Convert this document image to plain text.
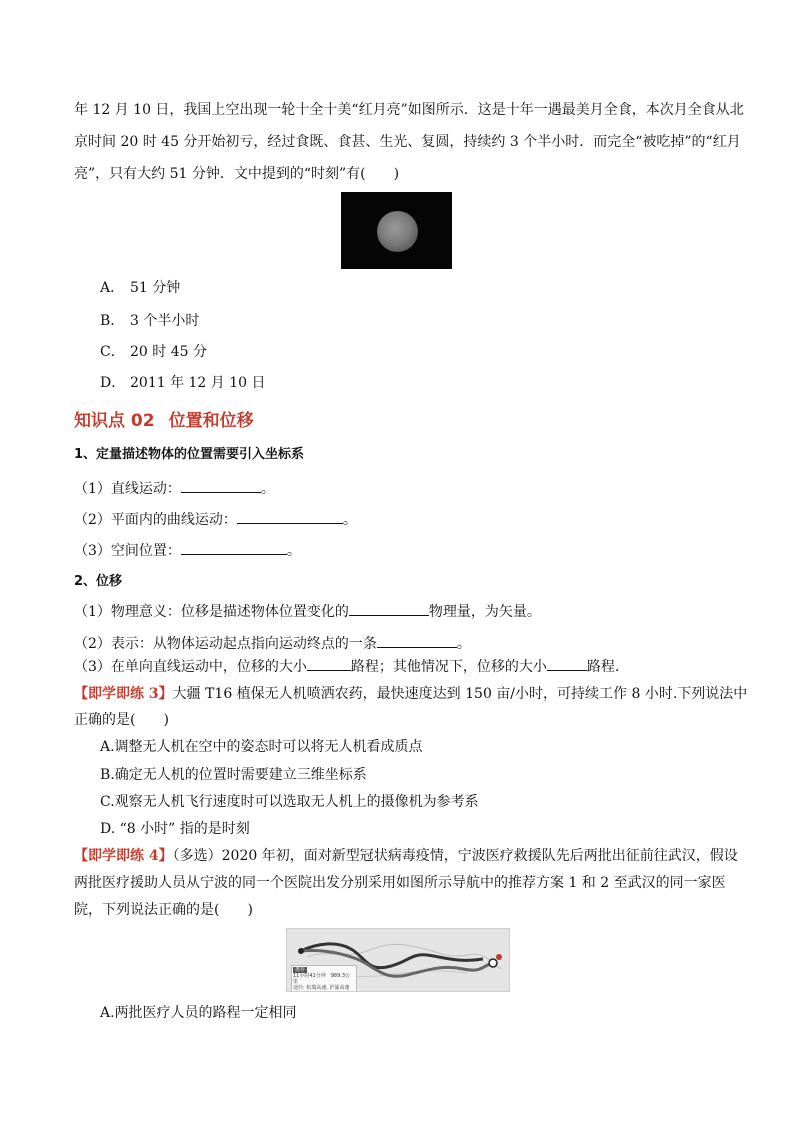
年 12 月 10 日，我国上空出现一轮十全十美“红月亮”如图所示．这是十年一遇最美月全食，本次月全食从北
京时间 20 时 45 分开始初亏，经过食既、食甚、生光、复圆，持续约 3 个半小时．而完全“被吃掉”的“红月
亮”，只有大约 51 分钟．文中提到的“时刻”有(　　)
A． 51 分钟
B． 3 个半小时
C． 20 时 45 分
D． 2011 年 12 月 10 日
知识点 02 位置和位移
1、定量描述物体的位置需要引入坐标系
（1）直线运动：	。
（2）平面内的曲线运动：	。
（3）空间位置：	。
2、位移
（1）物理意义：位移是描述物体位置变化的	物理量，为矢量。
（2）表示：从物体运动起点指向运动终点的一条	。
（3）在单向直线运动中，位移的大小	路程；其他情况下，位移的大小	路程.
【即学即练 3】大疆 T16 植保无人机喷洒农药，最快速度达到 150 亩/小时，可持续工作 8 小时.下列说法中
正确的是(　　)
A.调整无人机在空中的姿态时可以将无人机看成质点
B.确定无人机的位置时需要建立三维坐标系
C.观察无人机飞行速度时可以选取无人机上的摄像机为参考系
D. “8 小时” 指的是时刻
【即学即练 4】（多选）2020 年初，面对新型冠状病毒疫情，宁波医疗救援队先后两批出征前往武汉，假设
两批医疗援助人员从宁波的同一个医院出发分别采用如图所示导航中的推荐方案 1 和 2 至武汉的同一家医
院，下列说法正确的是(　　)
推荐
11小时41分钟　989.3公里
途径: 杭瑞高速, 沪渝高速
A.两批医疗人员的路程一定相同
